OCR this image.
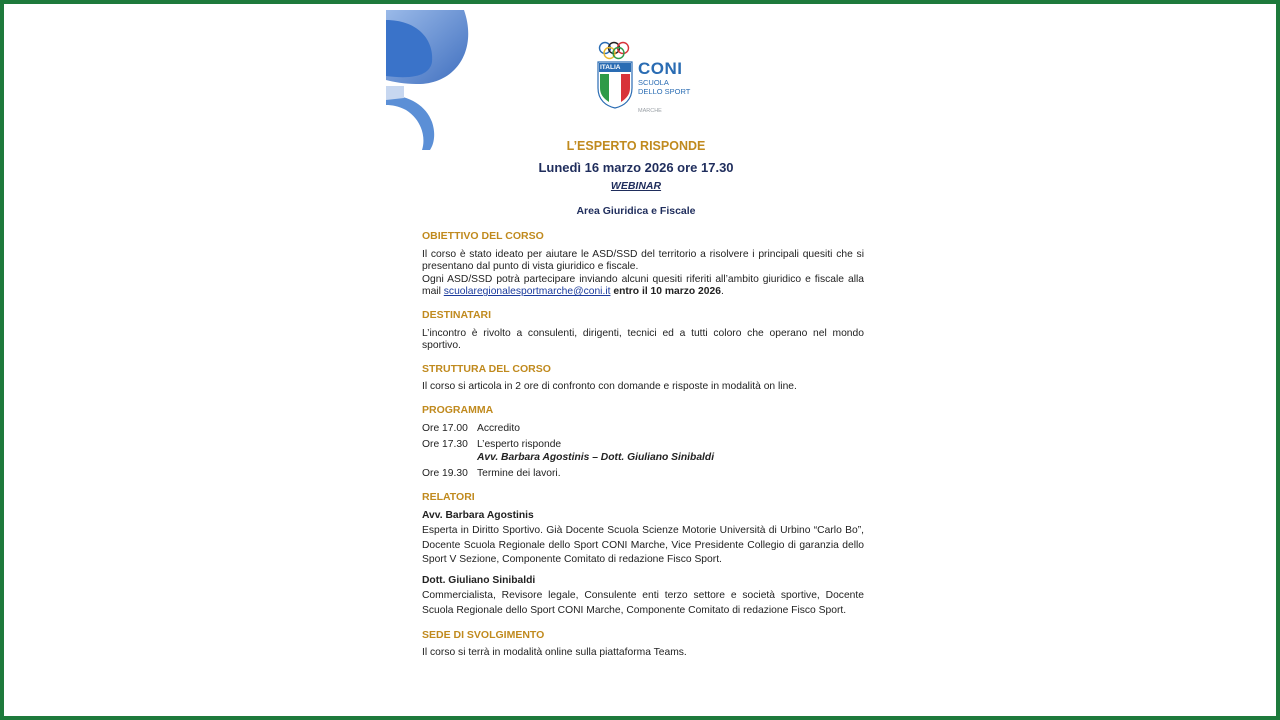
ITALIA CONI
SCUOLA
DELLO SPORT
MARCHE
L’ESPERTO RISPONDE
Lunedì 16 marzo 2026 ore 17.30
WEBINAR
Area Giuridica e Fiscale
OBIETTIVO DEL CORSO
Il corso è stato ideato per aiutare le ASD/SSD del territorio a risolvere i principali quesiti che si presentano dal punto di vista giuridico e fiscale.
Ogni ASD/SSD potrà partecipare inviando alcuni quesiti riferiti all’ambito giuridico e fiscale alla mail scuolaregionalesportmarche@coni.it entro il 10 marzo 2026.
DESTINATARI
L’incontro è rivolto a consulenti, dirigenti, tecnici ed a tutti coloro che operano nel mondo sportivo.
STRUTTURA DEL CORSO
Il corso si articola in 2 ore di confronto con domande e risposte in modalità on line.
PROGRAMMA
Ore 17.00 Accredito
Ore 17.30 L’esperto risponde
Avv. Barbara Agostinis – Dott. Giuliano Sinibaldi
Ore 19.30 Termine dei lavori.
RELATORI
Avv. Barbara Agostinis
Esperta in Diritto Sportivo. Già Docente Scuola Scienze Motorie Università di Urbino “Carlo Bo”, Docente Scuola Regionale dello Sport CONI Marche, Vice Presidente Collegio di garanzia dello Sport V Sezione, Componente Comitato di redazione Fisco Sport.
Dott. Giuliano Sinibaldi
Commercialista, Revisore legale, Consulente enti terzo settore e società sportive, Docente Scuola Regionale dello Sport CONI Marche, Componente Comitato di redazione Fisco Sport.
SEDE DI SVOLGIMENTO
Il corso si terrà in modalità online sulla piattaforma Teams.
